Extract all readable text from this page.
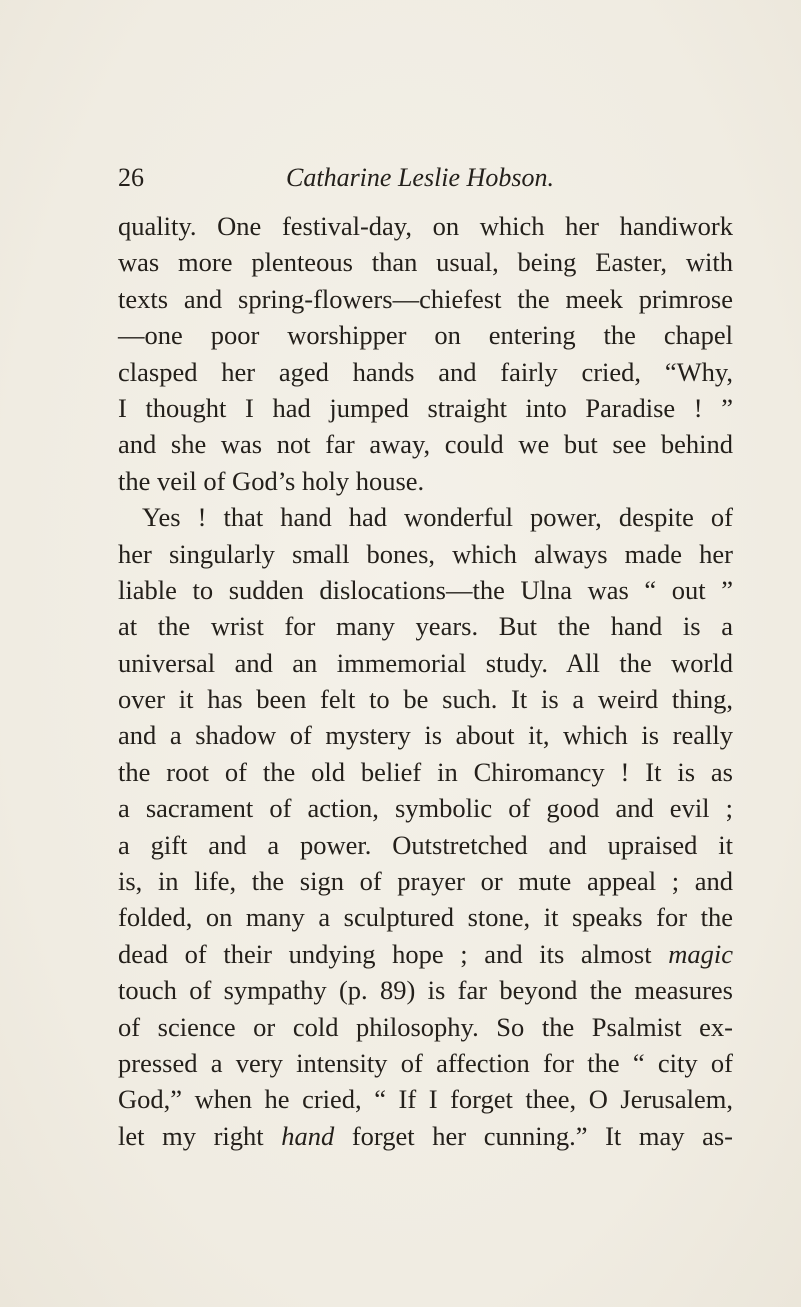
26	Catharine Leslie Hobson.
quality. One festival-day, on which her handiwork
was more plenteous than usual, being Easter, with
texts and spring-flowers—chiefest the meek primrose
—one poor worshipper on entering the chapel
clasped her aged hands and fairly cried, “Why,
I thought I had jumped straight into Paradise ! ”
and she was not far away, could we but see behind
the veil of God’s holy house.
Yes ! that hand had wonderful power, despite of
her singularly small bones, which always made her
liable to sudden dislocations—the Ulna was “ out ”
at the wrist for many years. But the hand is a
universal and an immemorial study. All the world
over it has been felt to be such. It is a weird thing,
and a shadow of mystery is about it, which is really
the root of the old belief in Chiromancy ! It is as
a sacrament of action, symbolic of good and evil ;
a gift and a power. Outstretched and upraised it
is, in life, the sign of prayer or mute appeal ; and
folded, on many a sculptured stone, it speaks for the
dead of their undying hope ; and its almost magic
touch of sympathy (p. 89) is far beyond the measures
of science or cold philosophy. So the Psalmist ex-
pressed a very intensity of affection for the “ city of
God,” when he cried, “ If I forget thee, O Jerusalem,
let my right hand forget her cunning.” It may as-
